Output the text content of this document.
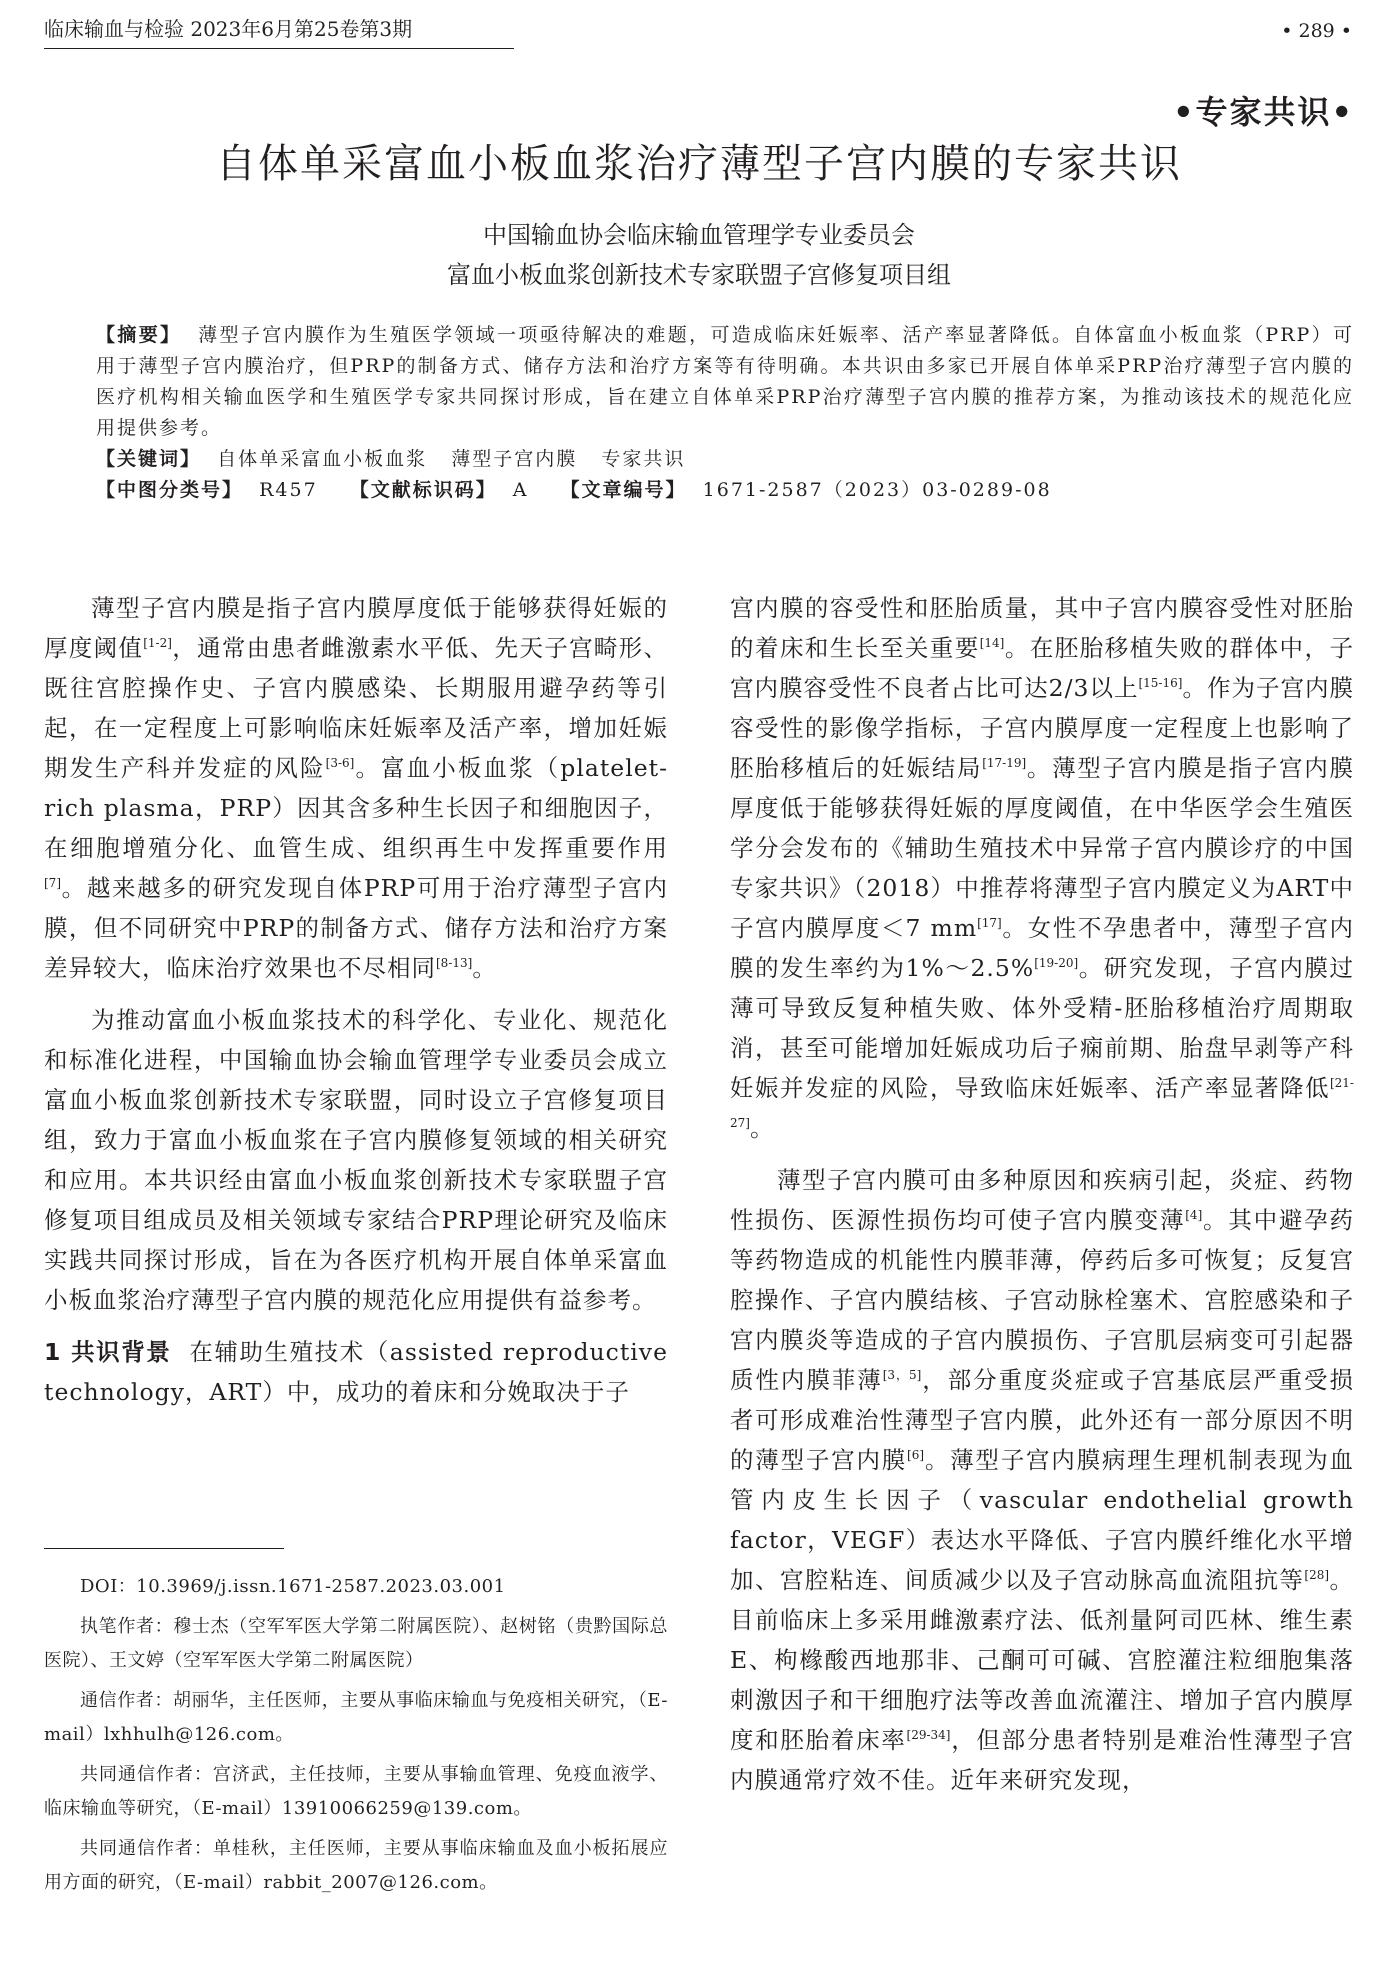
临床输血与检验 2023年6月第25卷第3期	• 289 •
•专家共识•
自体单采富血小板血浆治疗薄型子宫内膜的专家共识
中国输血协会临床输血管理学专业委员会
富血小板血浆创新技术专家联盟子宫修复项目组

【摘要】 薄型子宫内膜作为生殖医学领域一项亟待解决的难题，可造成临床妊娠率、活产率显著降低。自体富血小板血浆（PRP）可用于薄型子宫内膜治疗，但PRP的制备方式、储存方法和治疗方案等有待明确。本共识由多家已开展自体单采PRP治疗薄型子宫内膜的医疗机构相关输血医学和生殖医学专家共同探讨形成，旨在建立自体单采PRP治疗薄型子宫内膜的推荐方案，为推动该技术的规范化应用提供参考。

【关键词】 自体单采富血小板血浆   薄型子宫内膜   专家共识

【中图分类号】 R457 【文献标识码】 A 【文章编号】 1671-2587（2023）03-0289-08

薄型子宫内膜是指子宫内膜厚度低于能够获得妊娠的厚度阈值[1-2]，通常由患者雌激素水平低、先天子宫畸形、既往宫腔操作史、子宫内膜感染、长期服用避孕药等引起，在一定程度上可影响临床妊娠率及活产率，增加妊娠期发生产科并发症的风险[3-6]。富血小板血浆（platelet-rich plasma，PRP）因其含多种生长因子和细胞因子，在细胞增殖分化、血管生成、组织再生中发挥重要作用[7]。越来越多的研究发现自体PRP可用于治疗薄型子宫内膜，但不同研究中PRP的制备方式、储存方法和治疗方案差异较大，临床治疗效果也不尽相同[8-13]。

为推动富血小板血浆技术的科学化、专业化、规范化和标准化进程，中国输血协会输血管理学专业委员会成立富血小板血浆创新技术专家联盟，同时设立子宫修复项目组，致力于富血小板血浆在子宫内膜修复领域的相关研究和应用。本共识经由富血小板血浆创新技术专家联盟子宫修复项目组成员及相关领域专家结合PRP理论研究及临床实践共同探讨形成，旨在为各医疗机构开展自体单采富血小板血浆治疗薄型子宫内膜的规范化应用提供有益参考。

1 共识背景  在辅助生殖技术（assisted reproductive technology，ART）中，成功的着床和分娩取决于子

DOI：10.3969/j.issn.1671-2587.2023.03.001

执笔作者：穆士杰（空军军医大学第二附属医院）、赵树铭（贵黔国际总医院）、王文婷（空军军医大学第二附属医院）

通信作者：胡丽华，主任医师，主要从事临床输血与免疫相关研究，（E-mail）lxhhulh@126.com。

共同通信作者：宫济武，主任技师，主要从事输血管理、免疫血液学、临床输血等研究，（E-mail）13910066259@139.com。

共同通信作者：单桂秋，主任医师，主要从事临床输血及血小板拓展应用方面的研究，（E-mail）rabbit_2007@126.com。

宫内膜的容受性和胚胎质量，其中子宫内膜容受性对胚胎的着床和生长至关重要[14]。在胚胎移植失败的群体中，子宫内膜容受性不良者占比可达2/3以上[15-16]。作为子宫内膜容受性的影像学指标，子宫内膜厚度一定程度上也影响了胚胎移植后的妊娠结局[17-19]。薄型子宫内膜是指子宫内膜厚度低于能够获得妊娠的厚度阈值，在中华医学会生殖医学分会发布的《辅助生殖技术中异常子宫内膜诊疗的中国专家共识》（2018）中推荐将薄型子宫内膜定义为ART中子宫内膜厚度＜7 mm[17]。女性不孕患者中，薄型子宫内膜的发生率约为1%～2.5%[19-20]。研究发现，子宫内膜过薄可导致反复种植失败、体外受精-胚胎移植治疗周期取消，甚至可能增加妊娠成功后子痫前期、胎盘早剥等产科妊娠并发症的风险，导致临床妊娠率、活产率显著降低[21-27]。

薄型子宫内膜可由多种原因和疾病引起，炎症、药物性损伤、医源性损伤均可使子宫内膜变薄[4]。其中避孕药等药物造成的机能性内膜菲薄，停药后多可恢复；反复宫腔操作、子宫内膜结核、子宫动脉栓塞术、宫腔感染和子宫内膜炎等造成的子宫内膜损伤、子宫肌层病变可引起器质性内膜菲薄[3，5]，部分重度炎症或子宫基底层严重受损者可形成难治性薄型子宫内膜，此外还有一部分原因不明的薄型子宫内膜[6]。薄型子宫内膜病理生理机制表现为血管内皮生长因子（vascular endothelial growth factor，VEGF）表达水平降低、子宫内膜纤维化水平增加、宫腔粘连、间质减少以及子宫动脉高血流阻抗等[28]。目前临床上多采用雌激素疗法、低剂量阿司匹林、维生素E、枸橼酸西地那非、己酮可可碱、宫腔灌注粒细胞集落刺激因子和干细胞疗法等改善血流灌注、增加子宫内膜厚度和胚胎着床率[29-34]，但部分患者特别是难治性薄型子宫内膜通常疗效不佳。近年来研究发现，
